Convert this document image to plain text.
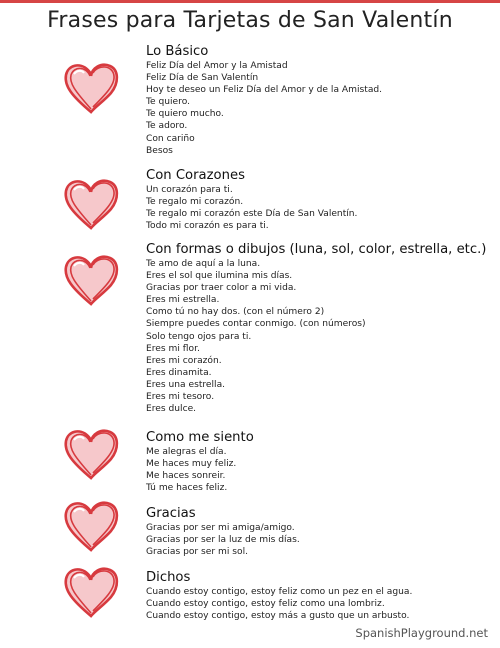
Frases para Tarjetas de San Valentín
Lo Básico
Feliz Día del Amor y la Amistad
Feliz Día de San Valentín
Hoy te deseo un Feliz Día del Amor y de la Amistad.
Te quiero.
Te quiero mucho.
Te adoro.
Con cariño
Besos
Con Corazones
Un corazón para ti.
Te regalo mi corazón.
Te regalo mi corazón este Día de San Valentín.
Todo mi corazón es para ti.
Con formas o dibujos (luna, sol, color, estrella, etc.)
Te amo de aquí a la luna.
Eres el sol que ilumina mis días.
Gracias por traer color a mi vida.
Eres mi estrella.
Como tú no hay dos. (con el número 2)
Siempre puedes contar conmigo. (con números)
Solo tengo ojos para ti.
Eres mi flor.
Eres mi corazón.
Eres dinamita.
Eres una estrella.
Eres mi tesoro.
Eres dulce.
Como me siento
Me alegras el día.
Me haces muy feliz.
Me haces sonreir.
Tú me haces feliz.
Gracias
Gracias por ser mi amiga/amigo.
Gracias por ser la luz de mis días.
Gracias por ser mi sol.
Dichos
Cuando estoy contigo, estoy feliz como un pez en el agua.
Cuando estoy contigo, estoy feliz como una lombriz.
Cuando estoy contigo, estoy más a gusto que un arbusto.
SpanishPlayground.net
